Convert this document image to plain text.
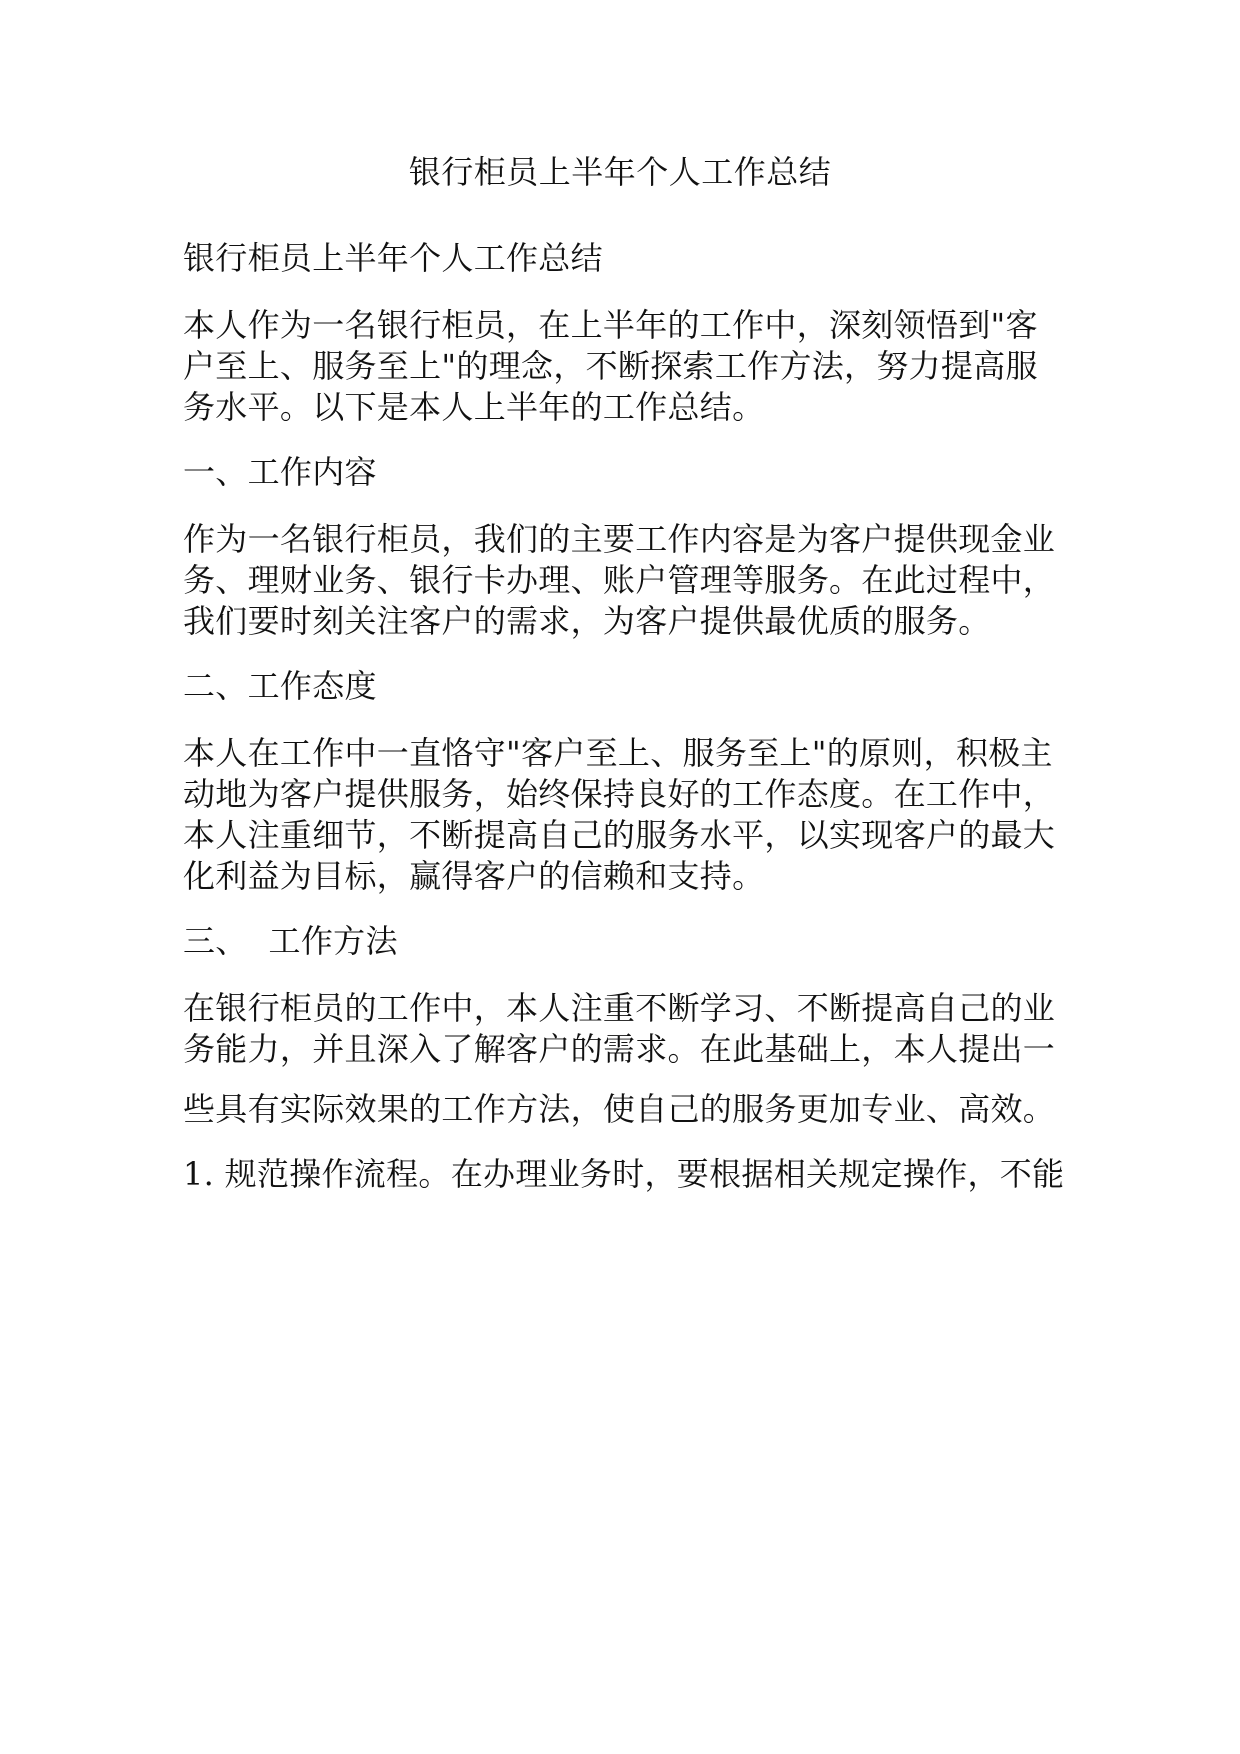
银行柜员上半年个人工作总结
银行柜员上半年个人工作总结
本人作为一名银行柜员，在上半年的工作中，深刻领悟到"客
户至上、服务至上"的理念，不断探索工作方法，努力提高服
务水平。以下是本人上半年的工作总结。
一、工作内容
作为一名银行柜员，我们的主要工作内容是为客户提供现金业
务、理财业务、银行卡办理、账户管理等服务。在此过程中，
我们要时刻关注客户的需求，为客户提供最优质的服务。
二、工作态度
本人在工作中一直恪守"客户至上、服务至上"的原则，积极主
动地为客户提供服务，始终保持良好的工作态度。在工作中，
本人注重细节，不断提高自己的服务水平，以实现客户的最大
化利益为目标，赢得客户的信赖和支持。
三、  工作方法
在银行柜员的工作中，本人注重不断学习、不断提高自己的业
务能力，并且深入了解客户的需求。在此基础上，本人提出一
些具有实际效果的工作方法，使自己的服务更加专业、高效。
1. 规范操作流程。在办理业务时，要根据相关规定操作，不能
